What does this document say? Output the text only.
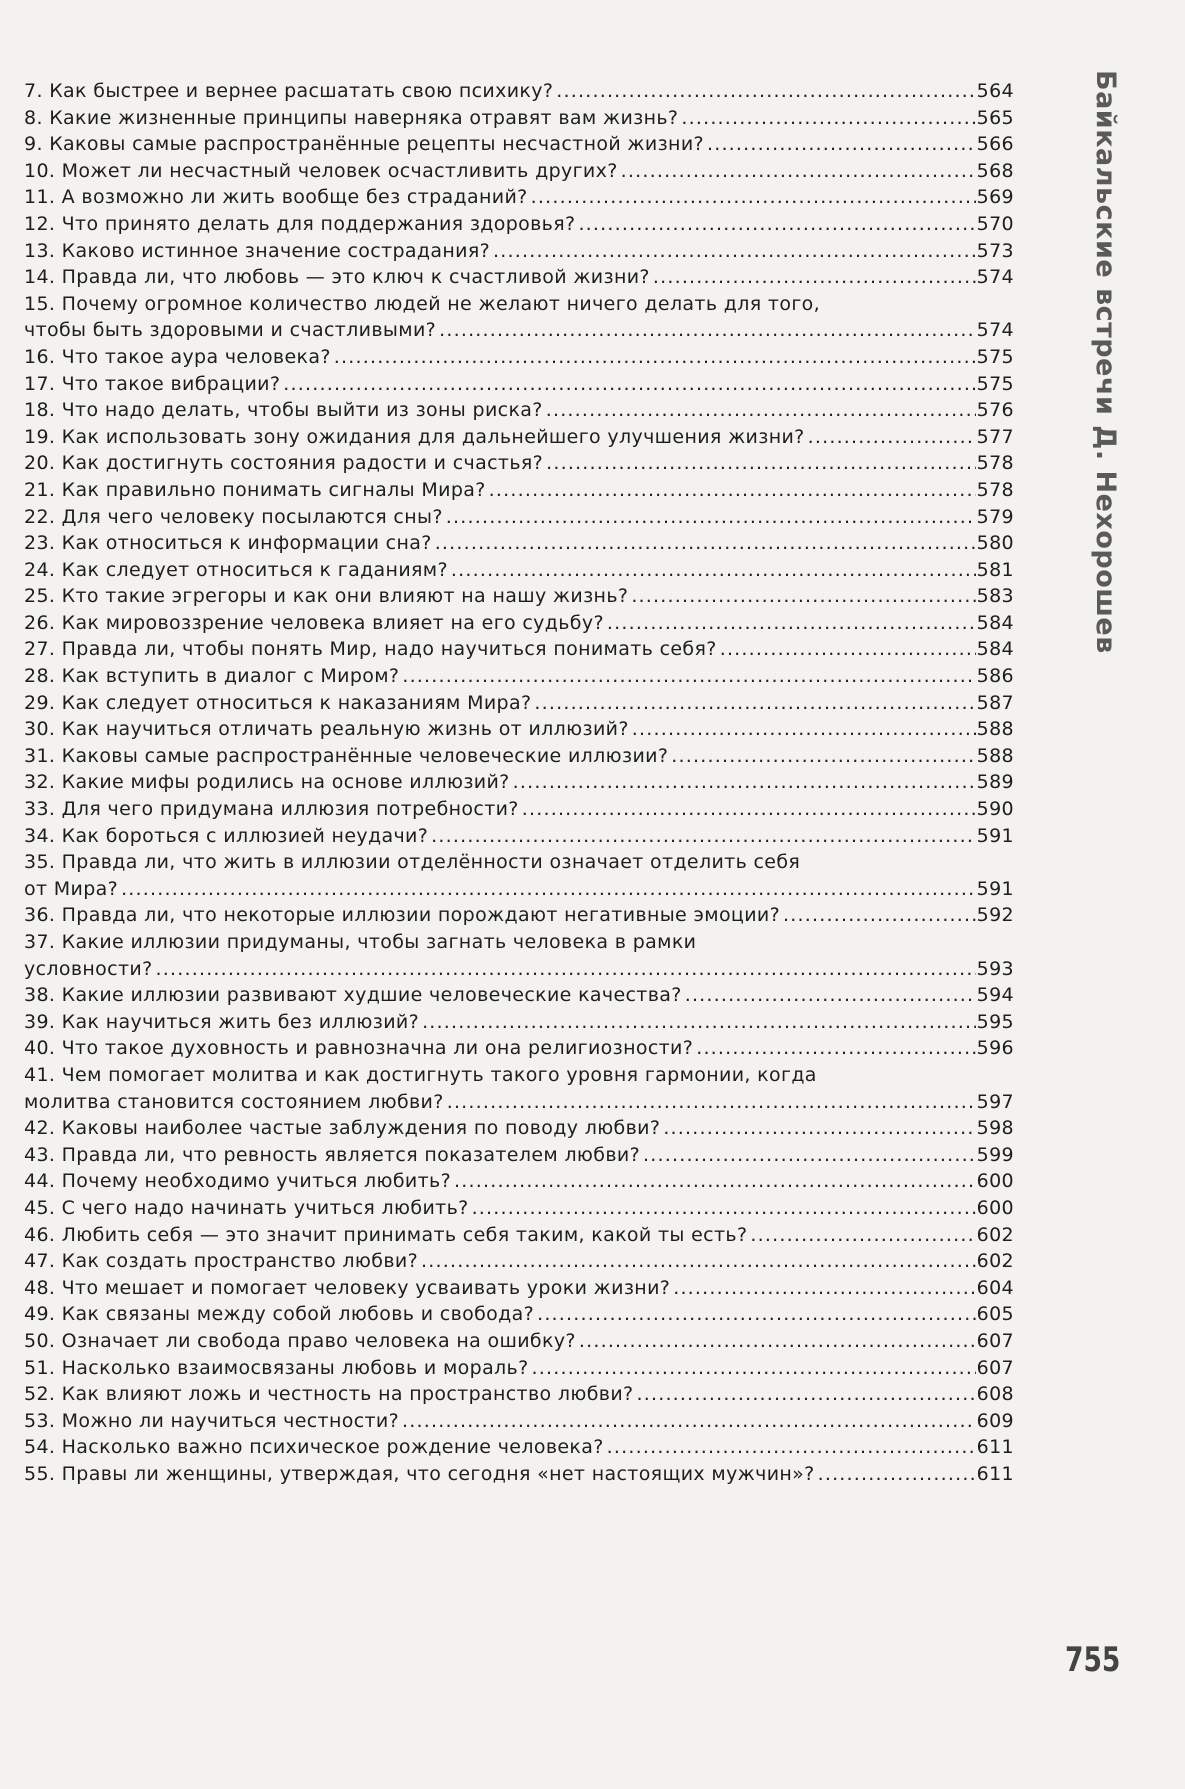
7. Как быстрее и вернее расшатать свою психику? .....	564
8. Какие жизненные принципы наверняка отравят вам жизнь? .....	565
9. Каковы самые распространённые рецепты несчастной жизни? .....	566
10. Может ли несчастный человек осчастливить других? .....	568
11. А возможно ли жить вообще без страданий? .....	569
12. Что принято делать для поддержания здоровья? .....	570
13. Каково истинное значение сострадания? .....	573
14. Правда ли, что любовь — это ключ к счастливой жизни? .....	574
15. Почему огромное количество людей не желают ничего делать для того,
чтобы быть здоровыми и счастливыми? .....	574
16. Что такое аура человека? .....	575
17. Что такое вибрации? .....	575
18. Что надо делать, чтобы выйти из зоны риска? .....	576
19. Как использовать зону ожидания для дальнейшего улучшения жизни? .....	577
20. Как достигнуть состояния радости и счастья? .....	578
21. Как правильно понимать сигналы Мира? .....	578
22. Для чего человеку посылаются сны? .....	579
23. Как относиться к информации сна? .....	580
24. Как следует относиться к гаданиям? .....	581
25. Кто такие эгрегоры и как они влияют на нашу жизнь? .....	583
26. Как мировоззрение человека влияет на его судьбу? .....	584
27. Правда ли, чтобы понять Мир, надо научиться понимать себя? .....	584
28. Как вступить в диалог с Миром? .....	586
29. Как следует относиться к наказаниям Мира? .....	587
30. Как научиться отличать реальную жизнь от иллюзий? .....	588
31. Каковы самые распространённые человеческие иллюзии? .....	588
32. Какие мифы родились на основе иллюзий? .....	589
33. Для чего придумана иллюзия потребности? .....	590
34. Как бороться с иллюзией неудачи? .....	591
35. Правда ли, что жить в иллюзии отделённости означает отделить себя
от Мира? .....	591
36. Правда ли, что некоторые иллюзии порождают негативные эмоции? .....	592
37. Какие иллюзии придуманы, чтобы загнать человека в рамки
условности? .....	593
38. Какие иллюзии развивают худшие человеческие качества? .....	594
39. Как научиться жить без иллюзий? .....	595
40. Что такое духовность и равнозначна ли она религиозности? .....	596
41. Чем помогает молитва и как достигнуть такого уровня гармонии, когда
молитва становится состоянием любви? .....	597
42. Каковы наиболее частые заблуждения по поводу любви? .....	598
43. Правда ли, что ревность является показателем любви? .....	599
44. Почему необходимо учиться любить? .....	600
45. С чего надо начинать учиться любить? .....	600
46. Любить себя — это значит принимать себя таким, какой ты есть? .....	602
47. Как создать пространство любви? .....	602
48. Что мешает и помогает человеку усваивать уроки жизни? .....	604
49. Как связаны между собой любовь и свобода? .....	605
50. Означает ли свобода право человека на ошибку? .....	607
51. Насколько взаимосвязаны любовь и мораль? .....	607
52. Как влияют ложь и честность на пространство любви? .....	608
53. Можно ли научиться честности? .....	609
54. Насколько важно психическое рождение человека? .....	611
55. Правы ли женщины, утверждая, что сегодня «нет настоящих мужчин»? .....	611
Байкальские встречи Д. Нехорошев
755
